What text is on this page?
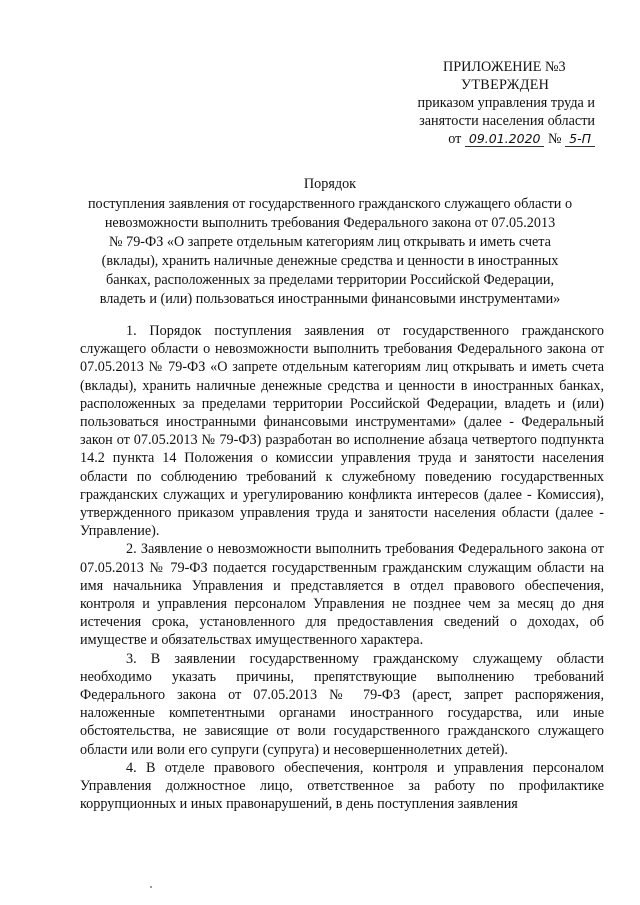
ПРИЛОЖЕНИЕ №3
УТВЕРЖДЕН
приказом управления труда и
занятости населения области
от 09.01.2020 № 5-П
Порядок
поступления заявления от государственного гражданского служащего области о
невозможности выполнить требования Федерального закона от 07.05.2013
№ 79-ФЗ «О запрете отдельным категориям лиц открывать и иметь счета
(вклады), хранить наличные денежные средства и ценности в иностранных
банках, расположенных за пределами территории Российской Федерации,
владеть и (или) пользоваться иностранными финансовыми инструментами»

1. Порядок поступления заявления от государственного гражданского служащего области о невозможности выполнить требования Федерального закона от 07.05.2013 № 79-ФЗ «О запрете отдельным категориям лиц открывать и иметь счета (вклады), хранить наличные денежные средства и ценности в иностранных банках, расположенных за пределами территории Российской Федерации, владеть и (или) пользоваться иностранными финансовыми инструментами» (далее - Федеральный закон от 07.05.2013 № 79-ФЗ) разработан во исполнение абзаца четвертого подпункта 14.2 пункта 14 Положения о комиссии управления труда и занятости населения области по соблюдению требований к служебному поведению государственных гражданских служащих и урегулированию конфликта интересов (далее - Комиссия), утвержденного приказом управления труда и занятости населения области (далее - Управление).

2. Заявление о невозможности выполнить требования Федерального закона от 07.05.2013 № 79-ФЗ подается государственным гражданским служащим области на имя начальника Управления и представляется в отдел правового обеспечения, контроля и управления персоналом Управления не позднее чем за месяц до дня истечения срока, установленного для предоставления сведений о доходах, об имуществе и обязательствах имущественного характера.

3. В заявлении государственному гражданскому служащему области необходимо указать причины, препятствующие выполнению требований Федерального закона от 07.05.2013 № 79-ФЗ (арест, запрет распоряжения, наложенные компетентными органами иностранного государства, или иные обстоятельства, не зависящие от воли государственного гражданского служащего области или воли его супруги (супруга) и несовершеннолетних детей).

4. В отделе правового обеспечения, контроля и управления персоналом Управления должностное лицо, ответственное за работу по профилактике коррупционных и иных правонарушений, в день поступления заявления
